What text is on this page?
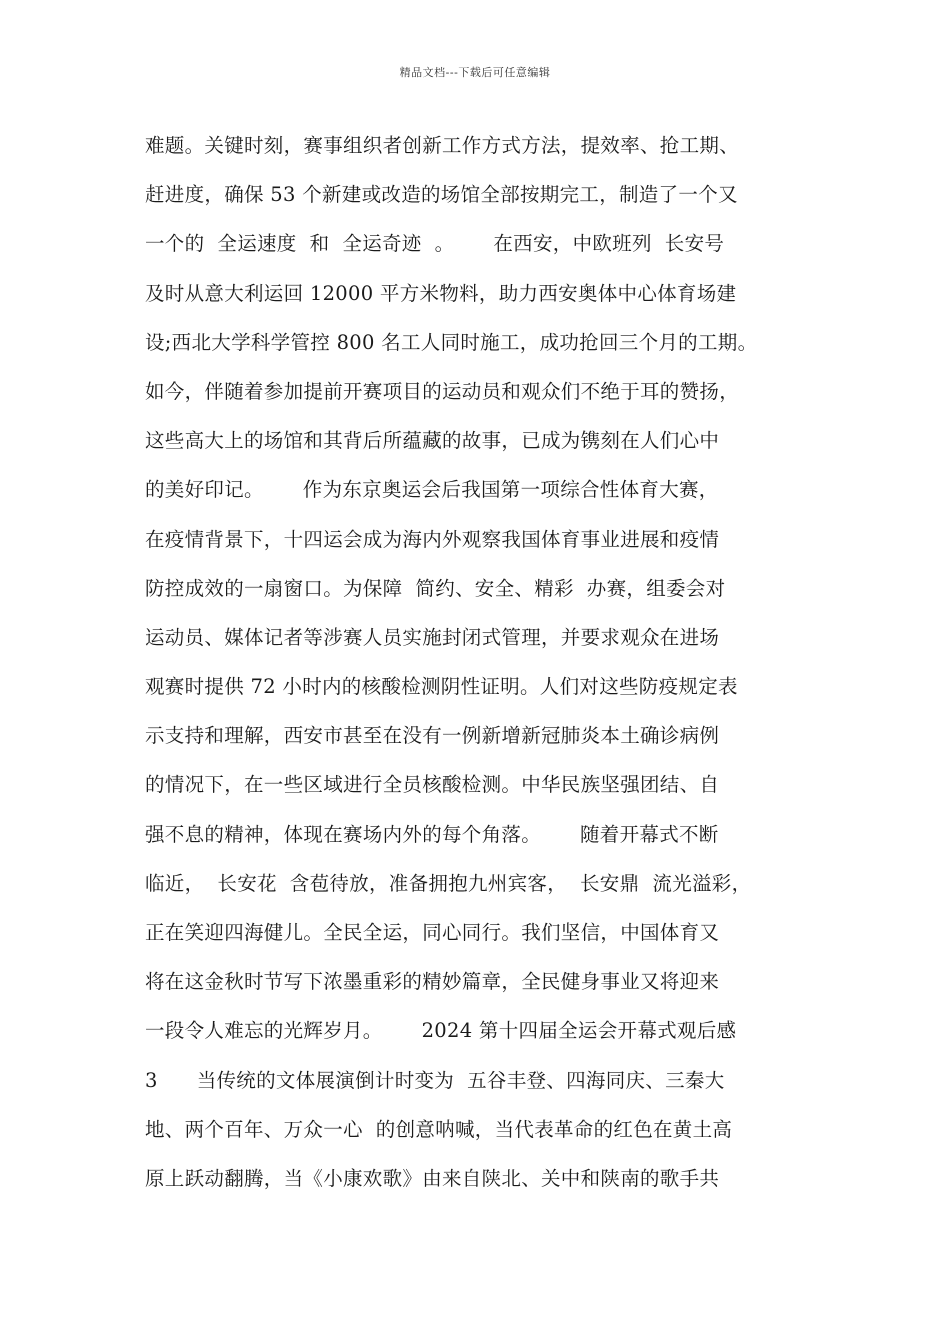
精品文档---下载后可任意编辑
难题。关键时刻，赛事组织者创新工作方式方法，提效率、抢工期、
赶进度，确保 53 个新建或改造的场馆全部按期完工，制造了一个又
一个的  全运速度  和  全运奇迹  。      在西安，中欧班列  长安号
及时从意大利运回 12000 平方米物料，助力西安奥体中心体育场建
设;西北大学科学管控 800 名工人同时施工，成功抢回三个月的工期。
如今，伴随着参加提前开赛项目的运动员和观众们不绝于耳的赞扬，
这些高大上的场馆和其背后所蕴藏的故事，已成为镌刻在人们心中
的美好印记。      作为东京奥运会后我国第一项综合性体育大赛，
在疫情背景下，十四运会成为海内外观察我国体育事业进展和疫情
防控成效的一扇窗口。为保障  简约、安全、精彩  办赛，组委会对
运动员、媒体记者等涉赛人员实施封闭式管理，并要求观众在进场
观赛时提供 72 小时内的核酸检测阴性证明。人们对这些防疫规定表
示支持和理解，西安市甚至在没有一例新增新冠肺炎本土确诊病例
的情况下，在一些区域进行全员核酸检测。中华民族坚强团结、自
强不息的精神，体现在赛场内外的每个角落。      随着开幕式不断
临近，  长安花  含苞待放，准备拥抱九州宾客，  长安鼎  流光溢彩，
正在笑迎四海健儿。全民全运，同心同行。我们坚信，中国体育又
将在这金秋时节写下浓墨重彩的精妙篇章，全民健身事业又将迎来
一段令人难忘的光辉岁月。      2024 第十四届全运会开幕式观后感
3      当传统的文体展演倒计时变为  五谷丰登、四海同庆、三秦大
地、两个百年、万众一心  的创意呐喊，当代表革命的红色在黄土高
原上跃动翻腾，当《小康欢歌》由来自陕北、关中和陕南的歌手共
